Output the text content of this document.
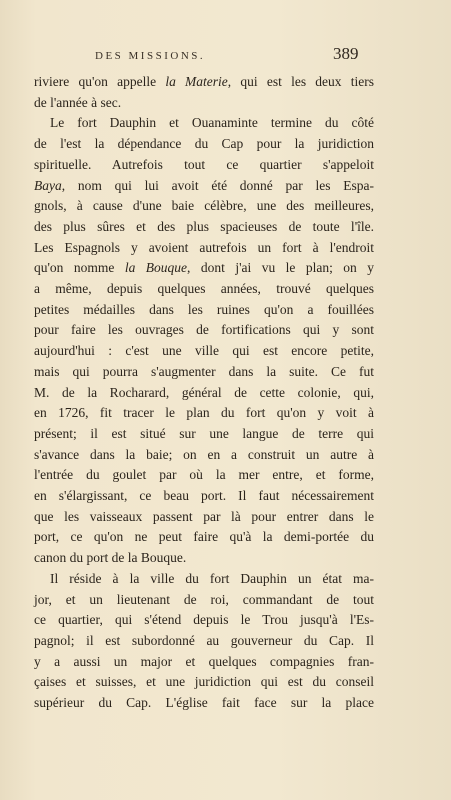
DES MISSIONS.	389
riviere qu'on appelle la Materie, qui est les deux tiers
de l'année à sec.
Le fort Dauphin et Ouanaminte termine du côté
de l'est la dépendance du Cap pour la juridiction
spirituelle. Autrefois tout ce quartier s'appeloit
Baya, nom qui lui avoit été donné par les Espa-
gnols, à cause d'une baie célèbre, une des meilleures,
des plus sûres et des plus spacieuses de toute l'île.
Les Espagnols y avoient autrefois un fort à l'endroit
qu'on nomme la Bouque, dont j'ai vu le plan; on y
a même, depuis quelques années, trouvé quelques
petites médailles dans les ruines qu'on a fouillées
pour faire les ouvrages de fortifications qui y sont
aujourd'hui : c'est une ville qui est encore petite,
mais qui pourra s'augmenter dans la suite. Ce fut
M. de la Rocharard, général de cette colonie, qui,
en 1726, fit tracer le plan du fort qu'on y voit à
présent; il est situé sur une langue de terre qui
s'avance dans la baie; on en a construit un autre à
l'entrée du goulet par où la mer entre, et forme,
en s'élargissant, ce beau port. Il faut nécessairement
que les vaisseaux passent par là pour entrer dans le
port, ce qu'on ne peut faire qu'à la demi-portée du
canon du port de la Bouque.
Il réside à la ville du fort Dauphin un état ma-
jor, et un lieutenant de roi, commandant de tout
ce quartier, qui s'étend depuis le Trou jusqu'à l'Es-
pagnol; il est subordonné au gouverneur du Cap. Il
y a aussi un major et quelques compagnies fran-
çaises et suisses, et une juridiction qui est du conseil
supérieur du Cap. L'église fait face sur la place
